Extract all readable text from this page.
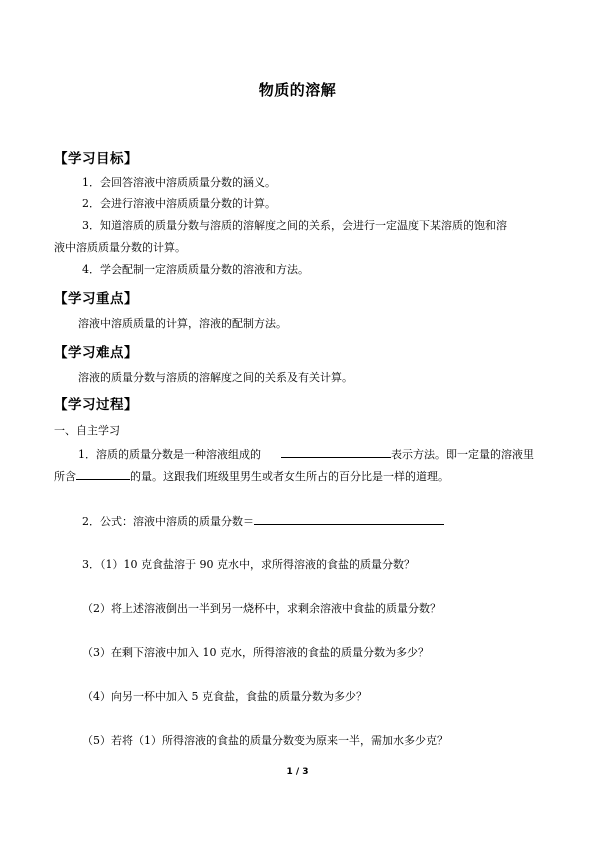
物质的溶解
【学习目标】
1．会回答溶液中溶质质量分数的涵义。
2．会进行溶液中溶质质量分数的计算。
3．知道溶质的质量分数与溶质的溶解度之间的关系，会进行一定温度下某溶质的饱和溶
液中溶质质量分数的计算。
4．学会配制一定溶质质量分数的溶液和方法。
【学习重点】
溶液中溶质质量的计算，溶液的配制方法。
【学习难点】
溶液的质量分数与溶质的溶解度之间的关系及有关计算。
【学习过程】
一、自主学习
1．溶质的质量分数是一种溶液组成的	表示方法。即一定量的溶液里
所含	的量。这跟我们班级里男生或者女生所占的百分比是一样的道理。
2．公式：溶液中溶质的质量分数＝
3．（1）10 克食盐溶于 90 克水中，求所得溶液的食盐的质量分数？
（2）将上述溶液倒出一半到另一烧杯中，求剩余溶液中食盐的质量分数？
（3）在剩下溶液中加入 10 克水，所得溶液的食盐的质量分数为多少？
（4）向另一杯中加入 5 克食盐，食盐的质量分数为多少？
（5）若将（1）所得溶液的食盐的质量分数变为原来一半，需加水多少克？
1 / 3
